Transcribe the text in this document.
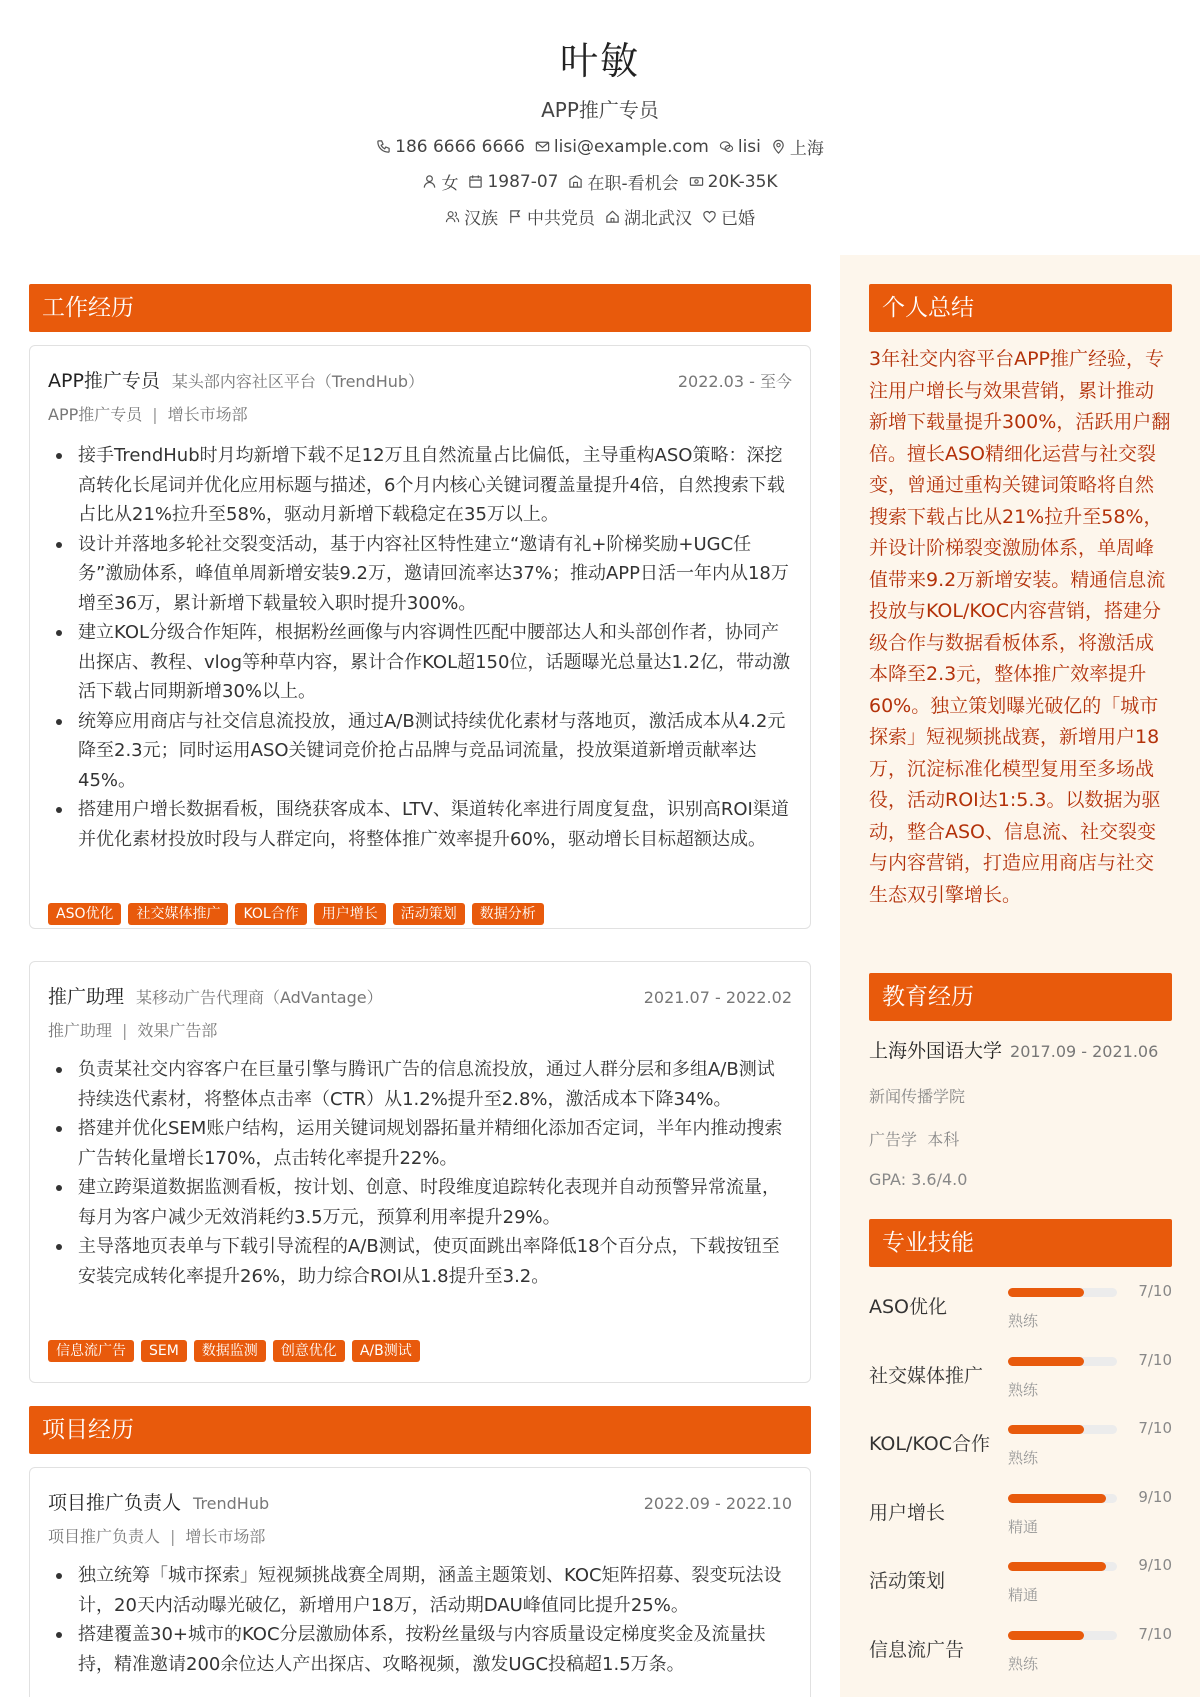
叶敏
APP推广专员
186 6666 6666 lisi@example.com lisi 上海
女 1987-07 在职-看机会 20K-35K
汉族 中共党员 湖北武汉 已婚
工作经历
APP推广专员 某头部内容社区平台（TrendHub）	2022.03 - 至今
APP推广专员 | 增长市场部
接手TrendHub时月均新增下载不足12万且自然流量占比偏低，主导重构ASO策略：深挖高转化长尾词并优化应用标题与描述，6个月内核心关键词覆盖量提升4倍，自然搜索下载占比从21%拉升至58%，驱动月新增下载稳定在35万以上。
设计并落地多轮社交裂变活动，基于内容社区特性建立“邀请有礼+阶梯奖励+UGC任务”激励体系，峰值单周新增安装9.2万，邀请回流率达37%；推动APP日活一年内从18万增至36万，累计新增下载量较入职时提升300%。
建立KOL分级合作矩阵，根据粉丝画像与内容调性匹配中腰部达人和头部创作者，协同产出探店、教程、vlog等种草内容，累计合作KOL超150位，话题曝光总量达1.2亿，带动激活下载占同期新增30%以上。
统筹应用商店与社交信息流投放，通过A/B测试持续优化素材与落地页，激活成本从4.2元降至2.3元；同时运用ASO关键词竞价抢占品牌与竞品词流量，投放渠道新增贡献率达45%。
搭建用户增长数据看板，围绕获客成本、LTV、渠道转化率进行周度复盘，识别高ROI渠道并优化素材投放时段与人群定向，将整体推广效率提升60%，驱动增长目标超额达成。
ASO优化	社交媒体推广	KOL合作	用户增长	活动策划	数据分析
推广助理 某移动广告代理商（AdVantage）	2021.07 - 2022.02
推广助理 | 效果广告部
负责某社交内容客户在巨量引擎与腾讯广告的信息流投放，通过人群分层和多组A/B测试持续迭代素材，将整体点击率（CTR）从1.2%提升至2.8%，激活成本下降34%。
搭建并优化SEM账户结构，运用关键词规划器拓量并精细化添加否定词，半年内推动搜索广告转化量增长170%，点击转化率提升22%。
建立跨渠道数据监测看板，按计划、创意、时段维度追踪转化表现并自动预警异常流量，每月为客户减少无效消耗约3.5万元，预算利用率提升29%。
主导落地页表单与下载引导流程的A/B测试，使页面跳出率降低18个百分点，下载按钮至安装完成转化率提升26%，助力综合ROI从1.8提升至3.2。
信息流广告	SEM	数据监测	创意优化	A/B测试
项目经历
项目推广负责人 TrendHub	2022.09 - 2022.10
项目推广负责人 | 增长市场部
独立统筹「城市探索」短视频挑战赛全周期，涵盖主题策划、KOC矩阵招募、裂变玩法设计，20天内活动曝光破亿，新增用户18万，活动期DAU峰值同比提升25%。
搭建覆盖30+城市的KOC分层激励体系，按粉丝量级与内容质量设定梯度奖金及流量扶持，精准邀请200余位达人产出探店、攻略视频，激发UGC投稿超1.5万条。
个人总结
3年社交内容平台APP推广经验，专注用户增长与效果营销，累计推动新增下载量提升300%，活跃用户翻倍。擅长ASO精细化运营与社交裂变，曾通过重构关键词策略将自然搜索下载占比从21%拉升至58%，并设计阶梯裂变激励体系，单周峰值带来9.2万新增安装。精通信息流投放与KOL/KOC内容营销，搭建分级合作与数据看板体系，将激活成本降至2.3元，整体推广效率提升60%。独立策划曝光破亿的「城市探索」短视频挑战赛，新增用户18万，沉淀标准化模型复用至多场战役，活动ROI达1:5.3。以数据为驱动，整合ASO、信息流、社交裂变与内容营销，打造应用商店与社交生态双引擎增长。
教育经历
上海外国语大学 2017.09 - 2021.06
新闻传播学院
广告学 本科
GPA: 3.6/4.0
专业技能
ASO优化
7/10
熟练
社交媒体推广
7/10
熟练
KOL/KOC合作
7/10
熟练
用户增长
9/10
精通
活动策划
9/10
精通
信息流广告
7/10
熟练
